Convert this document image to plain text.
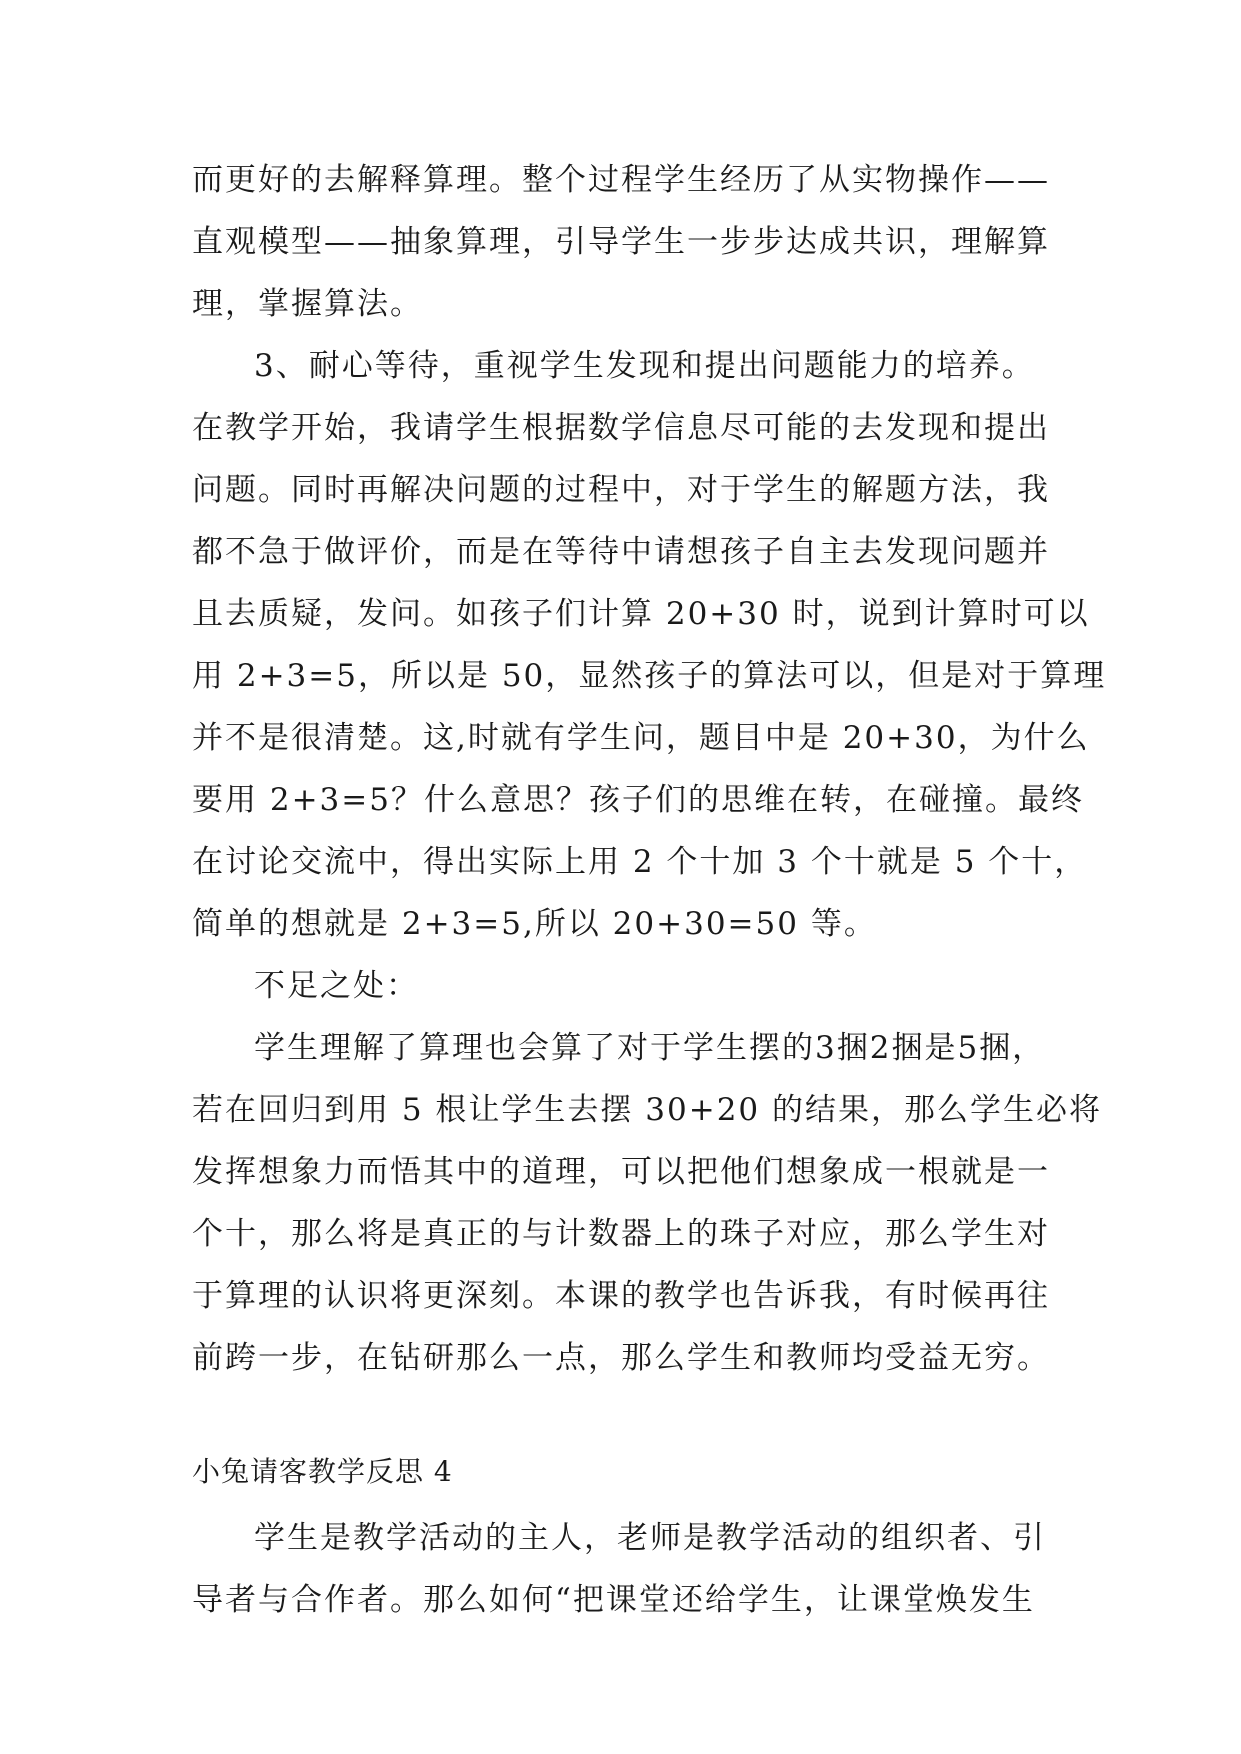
而更好的去解释算理。整个过程学生经历了从实物操作——
直观模型——抽象算理，引导学生一步步达成共识，理解算
理，掌握算法。
3、耐心等待，重视学生发现和提出问题能力的培养。
在教学开始，我请学生根据数学信息尽可能的去发现和提出
问题。同时再解决问题的过程中，对于学生的解题方法，我
都不急于做评价，而是在等待中请想孩子自主去发现问题并
且去质疑，发问。如孩子们计算 20+30 时，说到计算时可以
用 2+3=5，所以是 50，显然孩子的算法可以，但是对于算理
并不是很清楚。这,时就有学生问，题目中是 20+30，为什么
要用 2+3=5？什么意思？孩子们的思维在转，在碰撞。最终
在讨论交流中，得出实际上用 2 个十加 3 个十就是 5 个十，
简单的想就是 2+3=5,所以 20+30=50 等。
不足之处：
学生理解了算理也会算了对于学生摆的3捆2捆是5捆，
若在回归到用 5 根让学生去摆 30+20 的结果，那么学生必将
发挥想象力而悟其中的道理，可以把他们想象成一根就是一
个十，那么将是真正的与计数器上的珠子对应，那么学生对
于算理的认识将更深刻。本课的教学也告诉我，有时候再往
前跨一步，在钻研那么一点，那么学生和教师均受益无穷。
小兔请客教学反思 4
学生是教学活动的主人，老师是教学活动的组织者、引
导者与合作者。那么如何“把课堂还给学生，让课堂焕发生
